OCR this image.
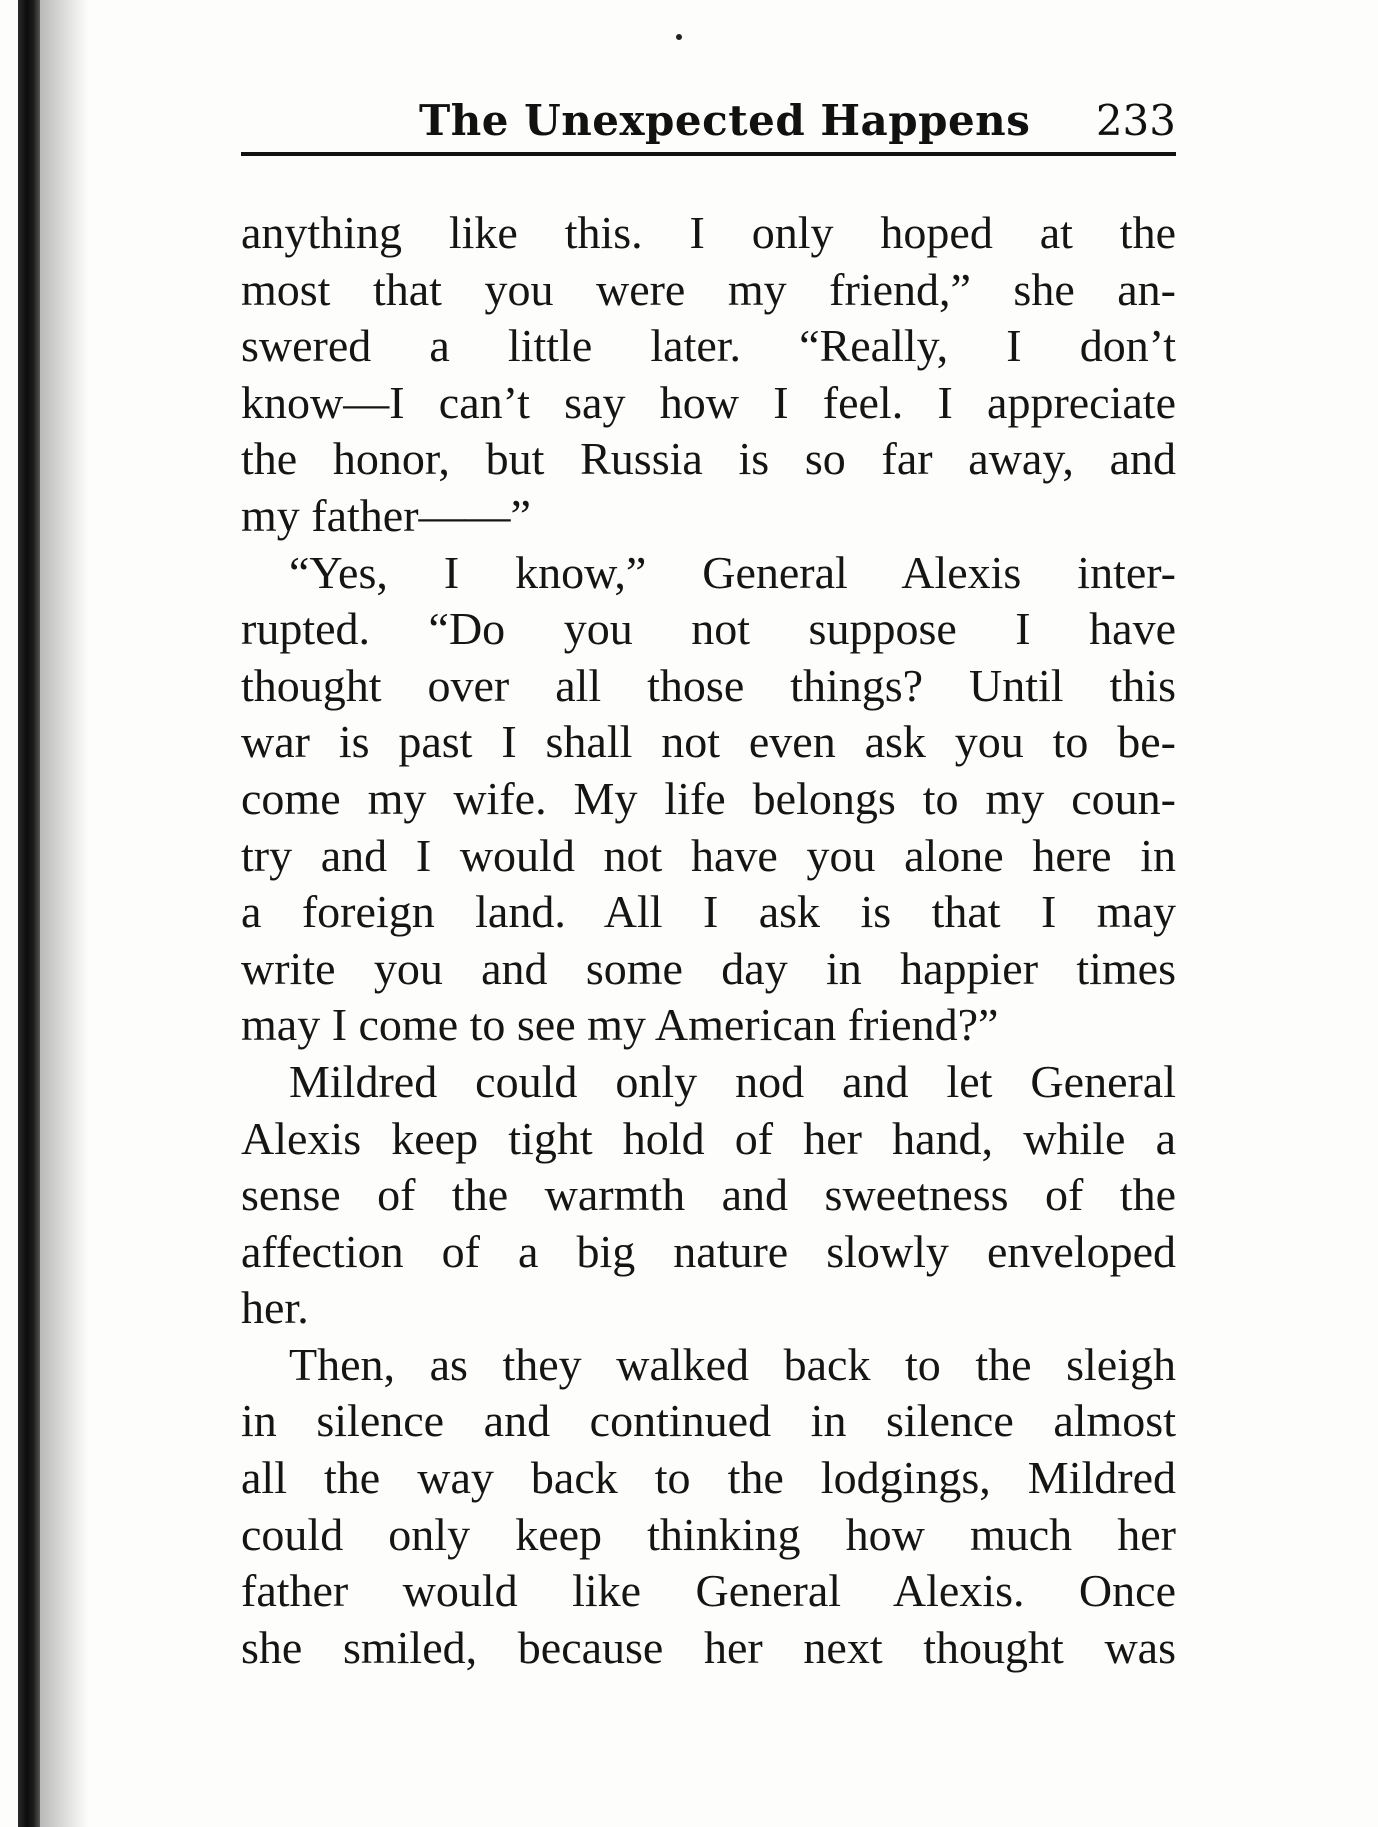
The Unexpected Happens 233
anything like this. I only hoped at the
most that you were my friend,” she an-
swered a little later. “Really, I don’t
know—I can’t say how I feel. I appreciate
the honor, but Russia is so far away, and
my father——”
“Yes, I know,” General Alexis inter-
rupted. “Do you not suppose I have
thought over all those things? Until this
war is past I shall not even ask you to be-
come my wife. My life belongs to my coun-
try and I would not have you alone here in
a foreign land. All I ask is that I may
write you and some day in happier times
may I come to see my American friend?”
Mildred could only nod and let General
Alexis keep tight hold of her hand, while a
sense of the warmth and sweetness of the
affection of a big nature slowly enveloped
her.
Then, as they walked back to the sleigh
in silence and continued in silence almost
all the way back to the lodgings, Mildred
could only keep thinking how much her
father would like General Alexis. Once
she smiled, because her next thought was
